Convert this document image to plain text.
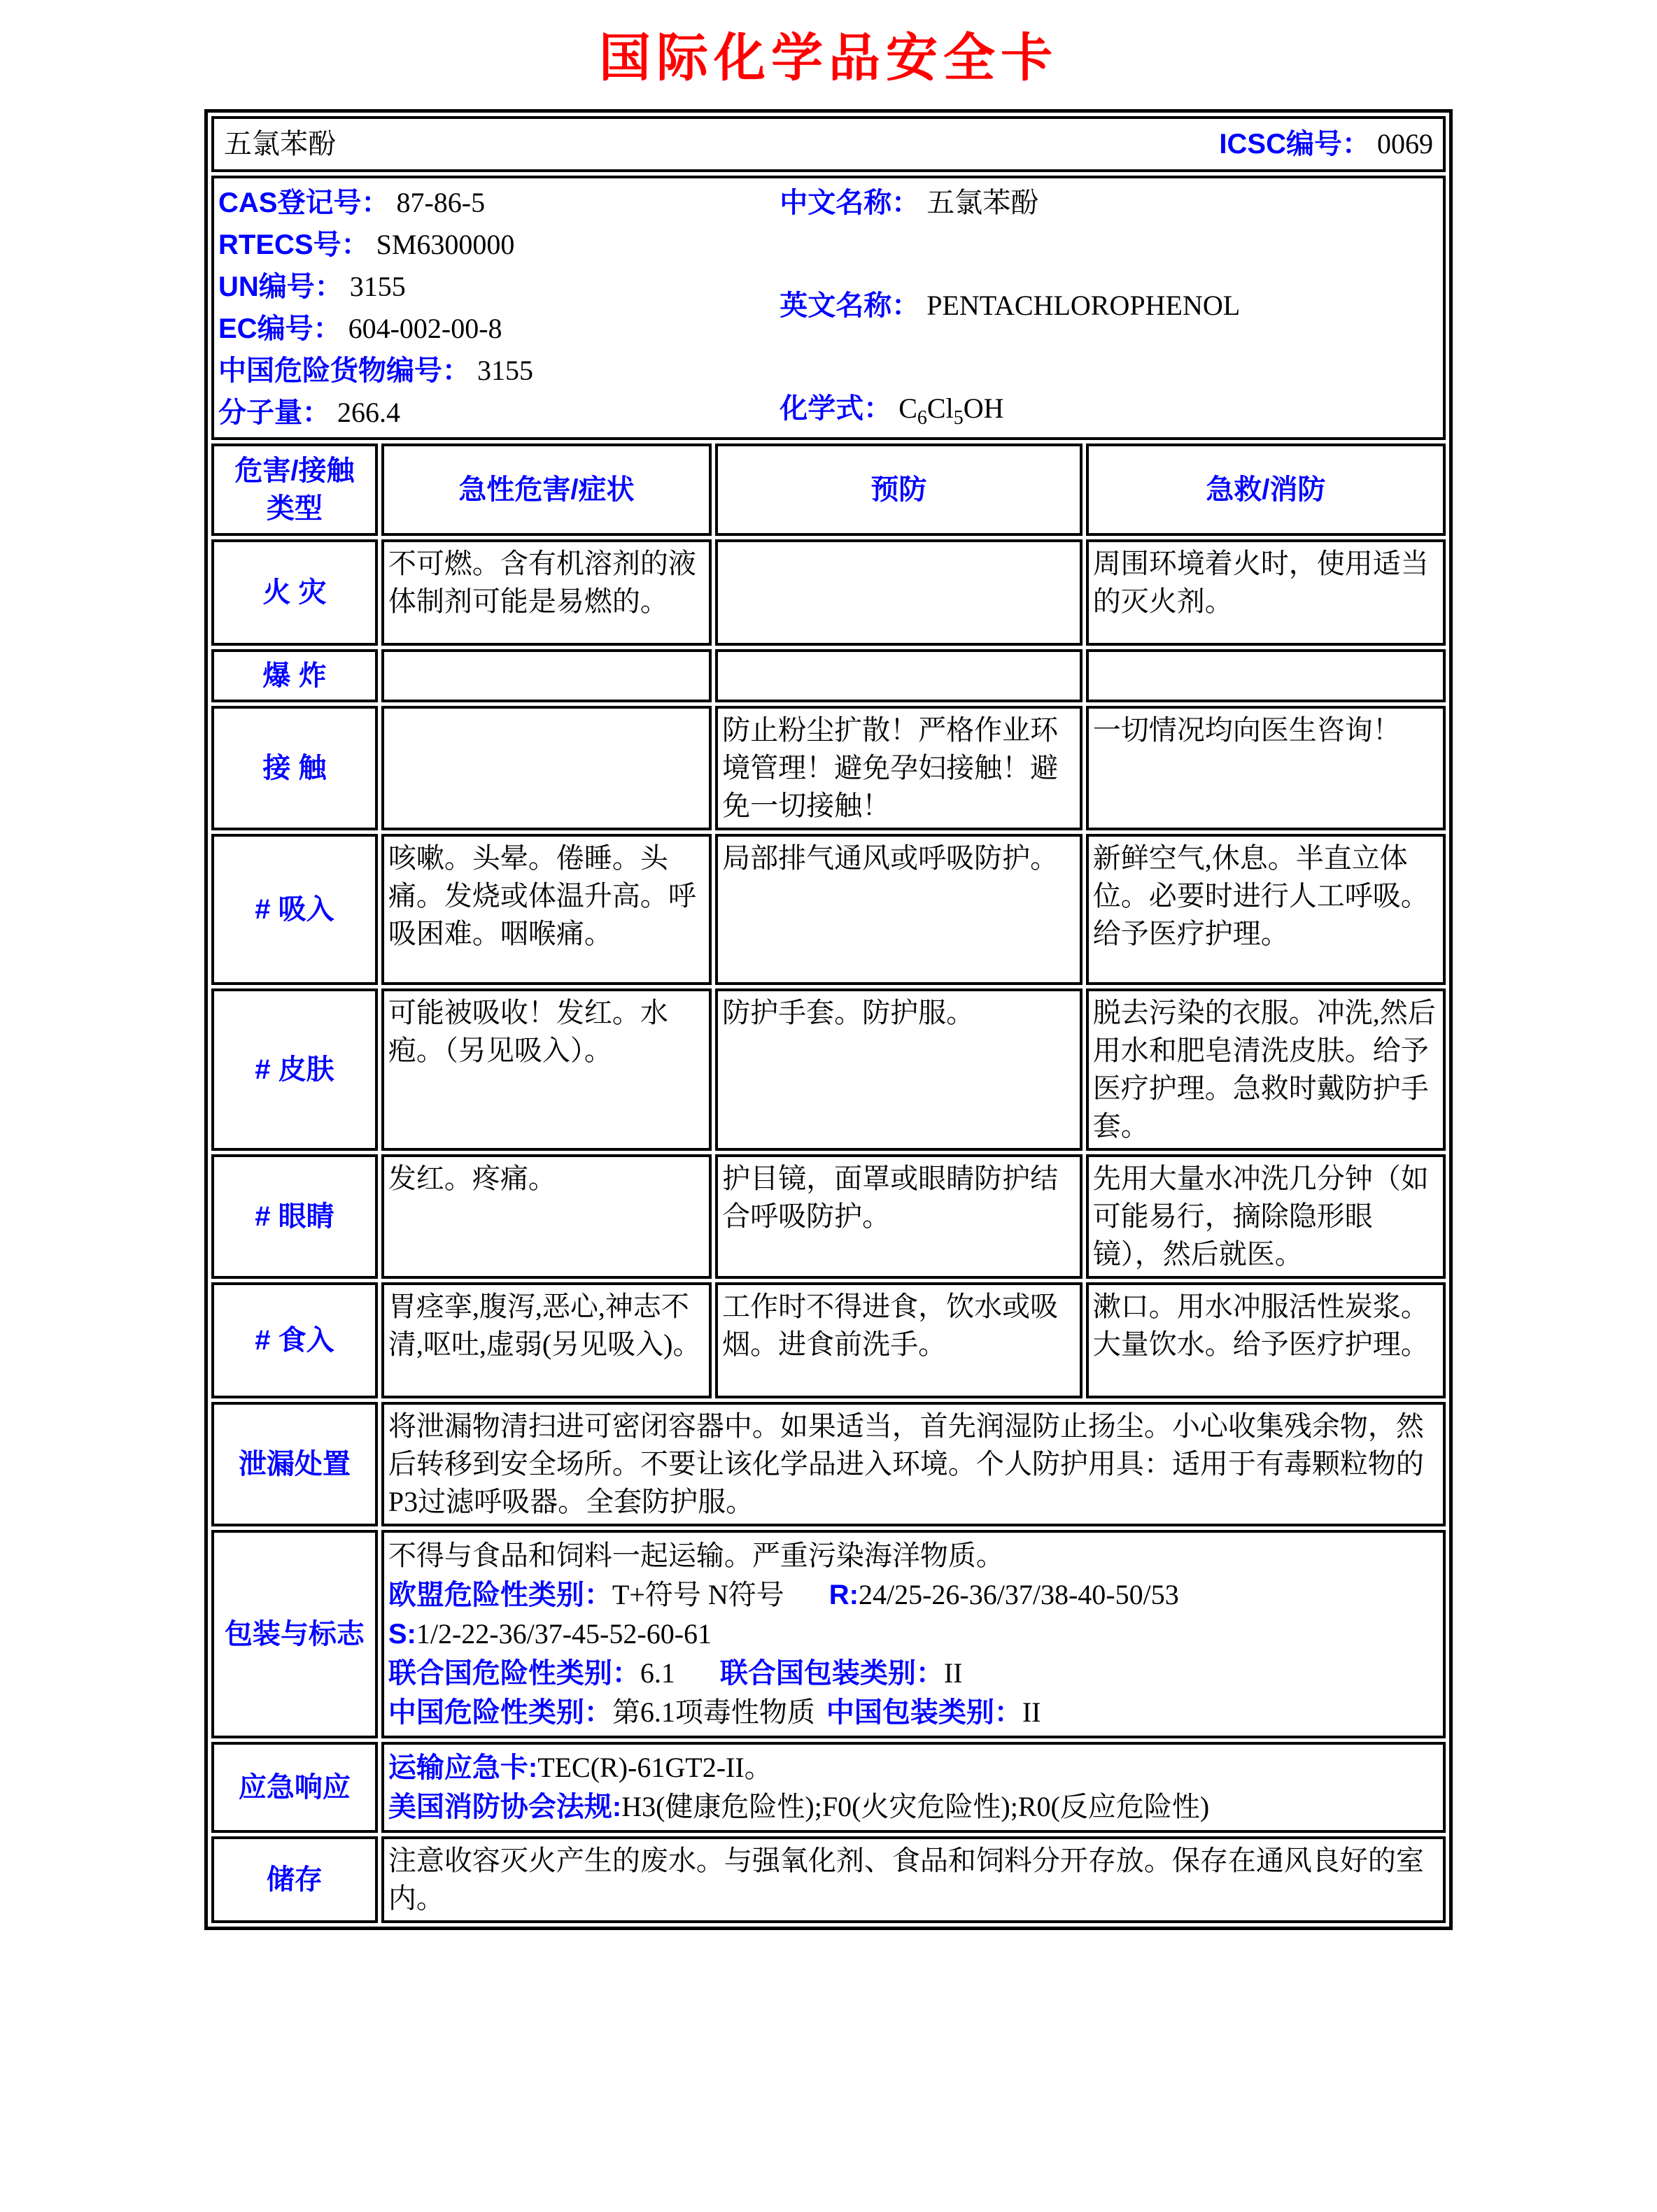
国际化学品安全卡
五氯苯酚 ICSC编号： 0069			

CAS登记号： 87-86-5
RTECS号： SM6300000
UN编号： 3155
EC编号： 604-002-00-8
中国危险货物编号： 3155
分子量： 266.4
中文名称： 五氯苯酚
英文名称： PENTACHLOROPHENOL
化学式： $C_6Cl_5OH$

危害/接触
类型	急性危害/症状	预防	急救/消防
火 灾	不可燃。含有机溶剂的液体制剂可能是易燃的。		周围环境着火时，使用适当的灭火剂。
爆 炸			
接 触		防止粉尘扩散！严格作业环境管理！避免孕妇接触！避免一切接触！	一切情况均向医生咨询！
# 吸入	咳嗽。头晕。倦睡。头痛。发烧或体温升高。呼吸困难。咽喉痛。	局部排气通风或呼吸防护。	新鲜空气,休息。半直立体位。必要时进行人工呼吸。给予医疗护理。
# 皮肤	可能被吸收！发红。水疱。（另见吸入）。	防护手套。防护服。	脱去污染的衣服。冲洗,然后用水和肥皂清洗皮肤。给予医疗护理。急救时戴防护手套。
# 眼睛	发红。疼痛。	护目镜，面罩或眼睛防护结合呼吸防护。	先用大量水冲洗几分钟（如可能易行，摘除隐形眼镜），然后就医。
# 食入	胃痉挛,腹泻,恶心,神志不清,呕吐,虚弱(另见吸入)。	工作时不得进食，饮水或吸烟。进食前洗手。	漱口。用水冲服活性炭浆。大量饮水。给予医疗护理。
泄漏处置	将泄漏物清扫进可密闭容器中。如果适当，首先润湿防止扬尘。小心收集残余物，然后转移到安全场所。不要让该化学品进入环境。个人防护用具：适用于有毒颗粒物的P3过滤呼吸器。全套防护服。		
包装与标志	不得与食品和饲料一起运输。严重污染海洋物质。
欧盟危险性类别：T+符号 N符号 R:24/25-26-36/37/38-40-50/53
S:1/2-22-36/37-45-52-60-61
联合国危险性类别：6.1 联合国包装类别：II
中国危险性类别：第6.1项毒性物质 中国包装类别：II		

应急响应	运输应急卡:TEC(R)-61GT2-II。
美国消防协会法规:H3(健康危险性);F0(火灾危险性);R0(反应危险性)		

储存	注意收容灭火产生的废水。与强氧化剂、食品和饲料分开存放。保存在通风良好的室内。		
